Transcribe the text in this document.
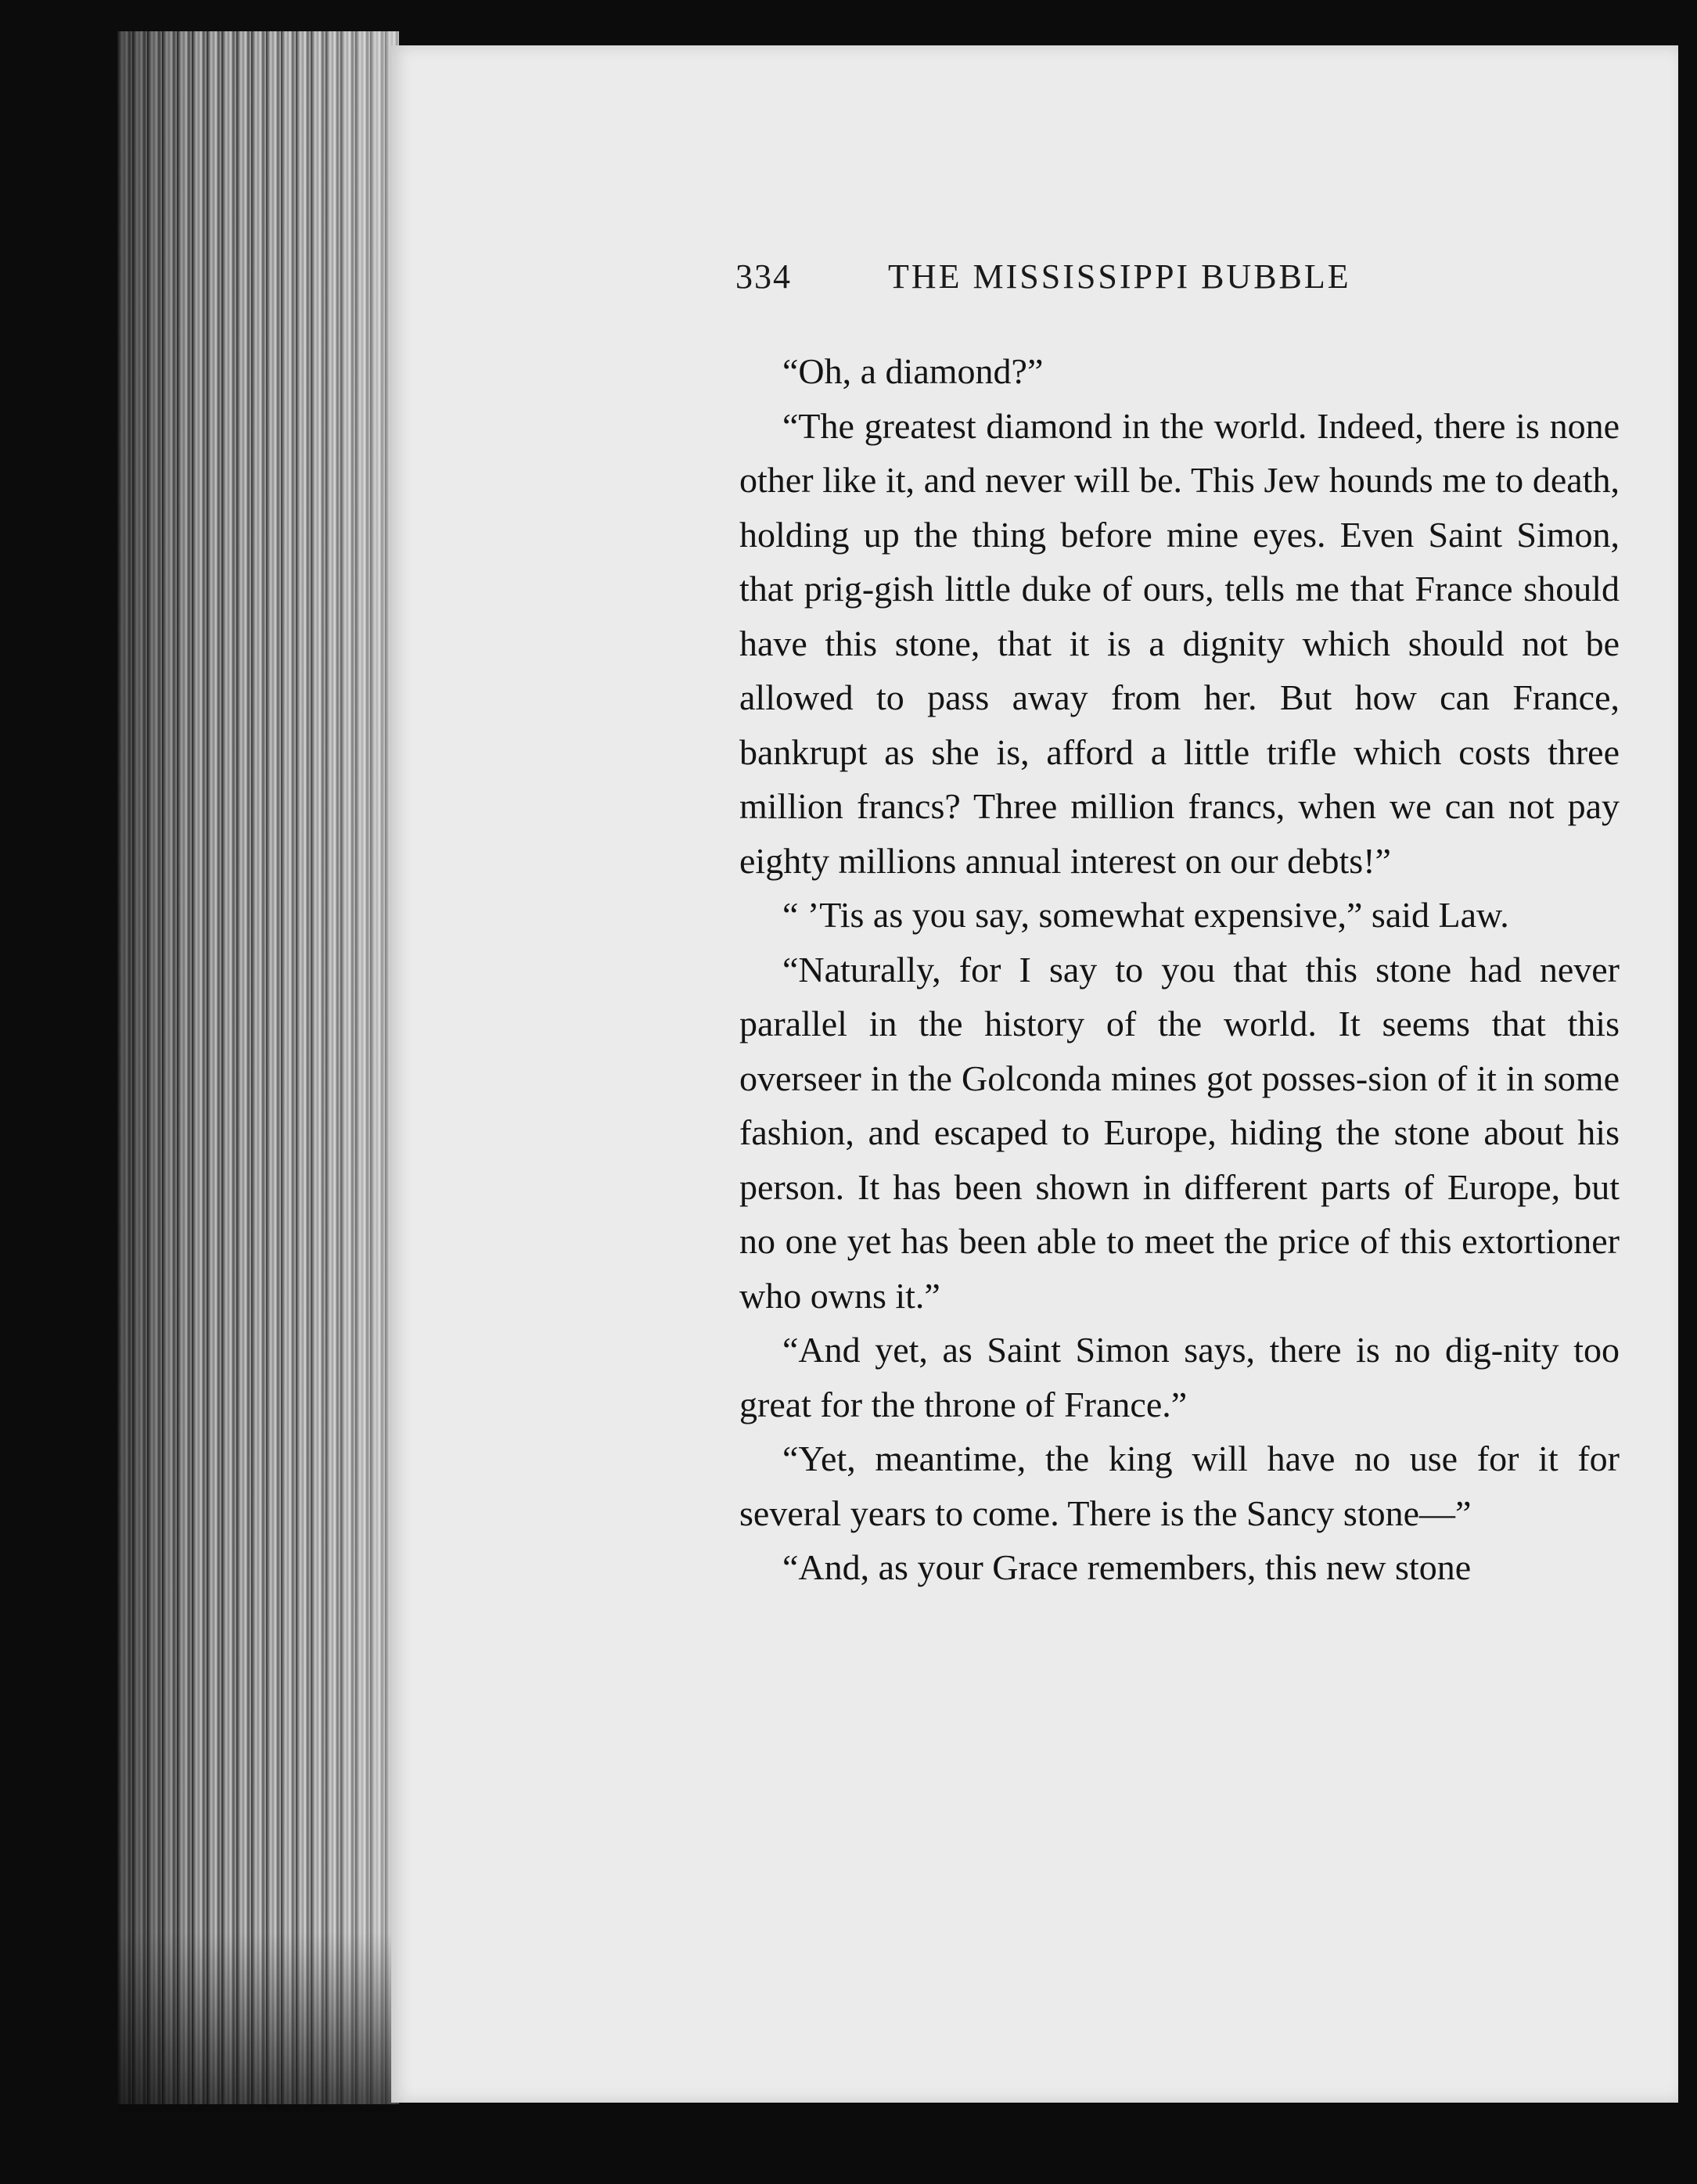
334	THE MISSISSIPPI BUBBLE

“Oh, a diamond?”

“The greatest diamond in the world. Indeed, there is none other like it, and never will be. This Jew hounds me to death, holding up the thing before mine eyes. Even Saint Simon, that prig-gish little duke of ours, tells me that France should have this stone, that it is a dignity which should not be allowed to pass away from her. But how can France, bankrupt as she is, afford a little trifle which costs three million francs? Three million francs, when we can not pay eighty millions annual interest on our debts!”

“ ’Tis as you say, somewhat expensive,” said Law.

“Naturally, for I say to you that this stone had never parallel in the history of the world. It seems that this overseer in the Golconda mines got posses-sion of it in some fashion, and escaped to Europe, hiding the stone about his person. It has been shown in different parts of Europe, but no one yet has been able to meet the price of this extortioner who owns it.”

“And yet, as Saint Simon says, there is no dig-nity too great for the throne of France.”

“Yet, meantime, the king will have no use for it for several years to come. There is the Sancy stone—”

“And, as your Grace remembers, this new stone
